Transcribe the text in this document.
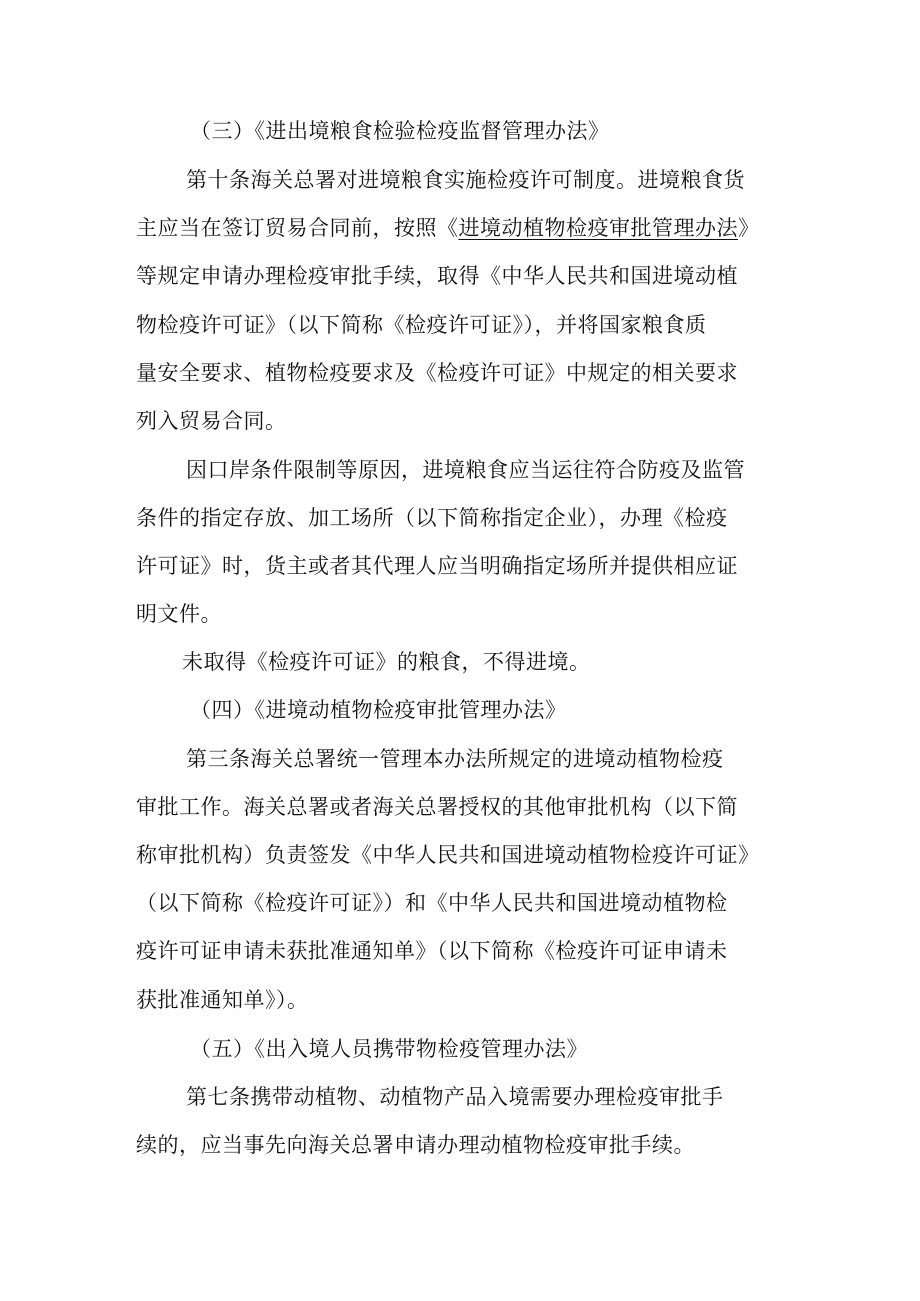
（三）《进出境粮食检验检疫监督管理办法》
第十条海关总署对进境粮食实施检疫许可制度。进境粮食货
主应当在签订贸易合同前，按照《进境动植物检疫审批管理办法》
等规定申请办理检疫审批手续，取得《中华人民共和国进境动植
物检疫许可证》（以下简称《检疫许可证》），并将国家粮食质
量安全要求、植物检疫要求及《检疫许可证》中规定的相关要求
列入贸易合同。
因口岸条件限制等原因，进境粮食应当运往符合防疫及监管
条件的指定存放、加工场所（以下简称指定企业），办理《检疫
许可证》时，货主或者其代理人应当明确指定场所并提供相应证
明文件。
未取得《检疫许可证》的粮食，不得进境。
（四）《进境动植物检疫审批管理办法》
第三条海关总署统一管理本办法所规定的进境动植物检疫
审批工作。海关总署或者海关总署授权的其他审批机构（以下简
称审批机构）负责签发《中华人民共和国进境动植物检疫许可证》
（以下简称《检疫许可证》）和《中华人民共和国进境动植物检
疫许可证申请未获批准通知单》（以下简称《检疫许可证申请未
获批准通知单》）。
（五）《出入境人员携带物检疫管理办法》
第七条携带动植物、动植物产品入境需要办理检疫审批手
续的，应当事先向海关总署申请办理动植物检疫审批手续。
